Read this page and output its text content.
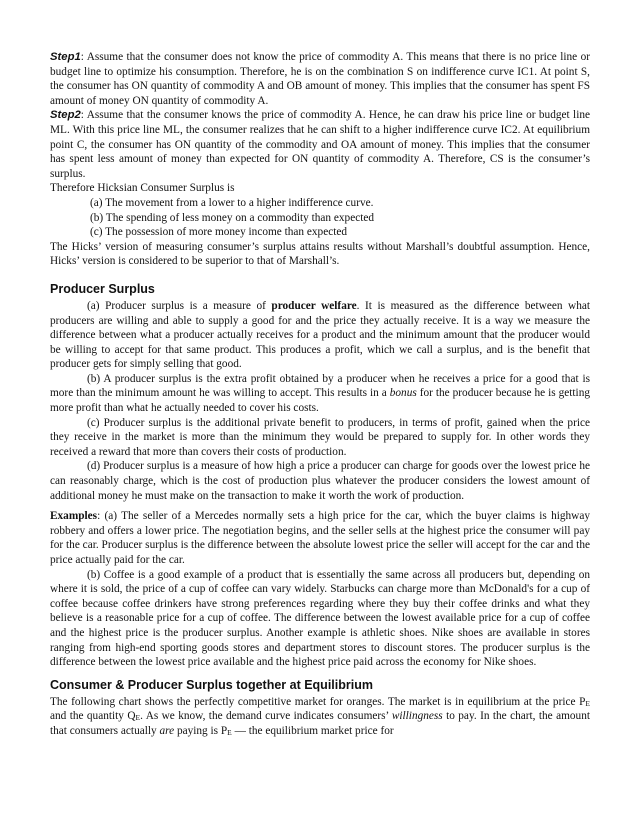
Step1: Assume that the consumer does not know the price of commodity A. This means that there is no price line or budget line to optimize his consumption. Therefore, he is on the combination S on indifference curve IC1. At point S, the consumer has ON quantity of commodity A and OB amount of money. This implies that the consumer has spent FS amount of money ON quantity of commodity A.

Step2: Assume that the consumer knows the price of commodity A. Hence, he can draw his price line or budget line ML. With this price line ML, the consumer realizes that he can shift to a higher indifference curve IC2. At equilibrium point C, the consumer has ON quantity of the commodity and OA amount of money. This implies that the consumer has spent less amount of money than expected for ON quantity of commodity A. Therefore, CS is the consumer’s surplus.

Therefore Hicksian Consumer Surplus is

(a) The movement from a lower to a higher indifference curve.
(b) The spending of less money on a commodity than expected
(c) The possession of more money income than expected

The Hicks’ version of measuring consumer’s surplus attains results without Marshall’s doubtful assumption. Hence, Hicks’ version is considered to be superior to that of Marshall’s.

Producer Surplus

(a) Producer surplus is a measure of producer welfare. It is measured as the difference between what producers are willing and able to supply a good for and the price they actually receive. It is a way we measure the difference between what a producer actually receives for a product and the minimum amount that the producer would be willing to accept for that same product. This produces a profit, which we call a surplus, and is the benefit that producer gets for simply selling that good.

(b) A producer surplus is the extra profit obtained by a producer when he receives a price for a good that is more than the minimum amount he was willing to accept. This results in a bonus for the producer because he is getting more profit than what he actually needed to cover his costs.

(c) Producer surplus is the additional private benefit to producers, in terms of profit, gained when the price they receive in the market is more than the minimum they would be prepared to supply for. In other words they received a reward that more than covers their costs of production.

(d) Producer surplus is a measure of how high a price a producer can charge for goods over the lowest price he can reasonably charge, which is the cost of production plus whatever the producer considers the lowest amount of additional money he must make on the transaction to make it worth the work of production.

Examples: (a) The seller of a Mercedes normally sets a high price for the car, which the buyer claims is highway robbery and offers a lower price. The negotiation begins, and the seller sells at the highest price the consumer will pay for the car. Producer surplus is the difference between the absolute lowest price the seller will accept for the car and the price actually paid for the car.

(b) Coffee is a good example of a product that is essentially the same across all producers but, depending on where it is sold, the price of a cup of coffee can vary widely. Starbucks can charge more than McDonald's for a cup of coffee because coffee drinkers have strong preferences regarding where they buy their coffee drinks and what they believe is a reasonable price for a cup of coffee. The difference between the lowest available price for a cup of coffee and the highest price is the producer surplus. Another example is athletic shoes. Nike shoes are available in stores ranging from high-end sporting goods stores and department stores to discount stores. The producer surplus is the difference between the lowest price available and the highest price paid across the economy for Nike shoes.

Consumer & Producer Surplus together at Equilibrium

The following chart shows the perfectly competitive market for oranges. The market is in equilibrium at the price $P_E$ and the quantity $Q_E$. As we know, the demand curve indicates consumers’ willingness to pay. In the chart, the amount that consumers actually are paying is $P_E$ — the equilibrium market price for
